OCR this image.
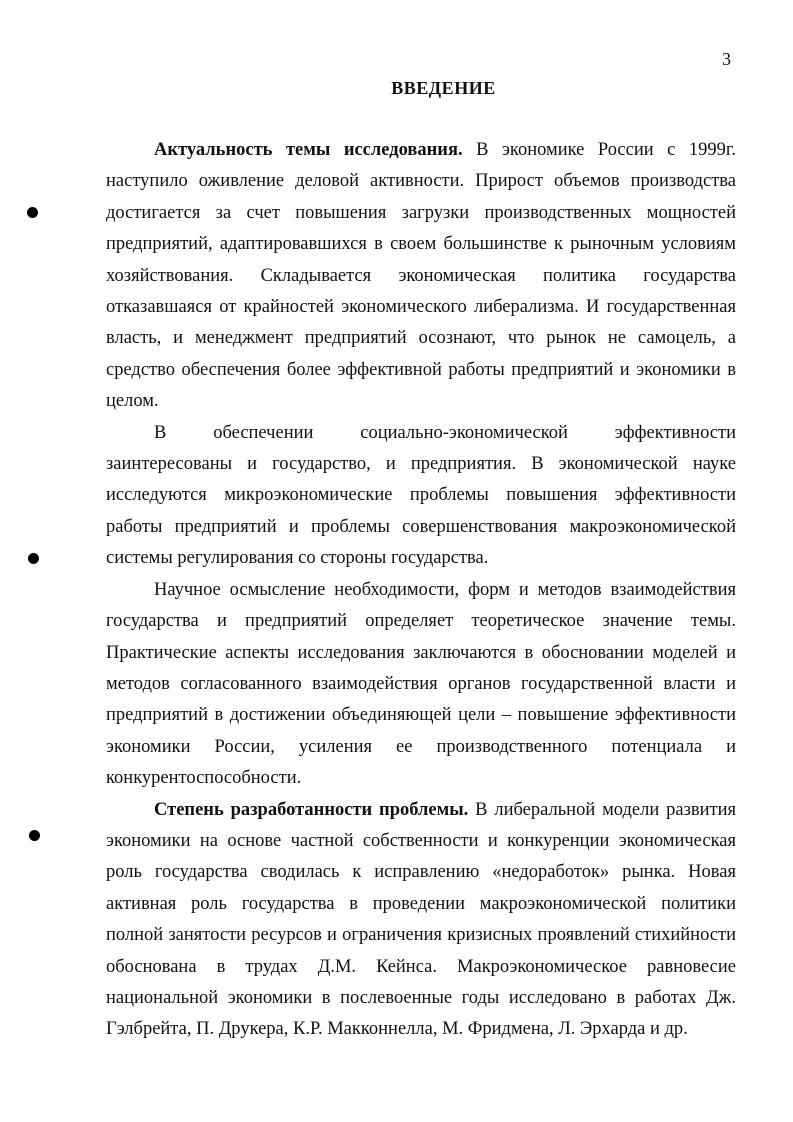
3
ВВЕДЕНИЕ

Актуальность темы исследования. В экономике России с 1999г. наступило оживление деловой активности. Прирост объемов производства достигается за счет повышения загрузки производственных мощностей предприятий, адаптировавшихся в своем большинстве к рыночным условиям хозяйствования. Складывается экономическая политика государства отказавшаяся от крайностей экономического либерализма. И государственная власть, и менеджмент предприятий осознают, что рынок не самоцель, а средство обеспечения более эффективной работы предприятий и экономики в целом.

В обеспечении социально-экономической эффективности заинтересованы и государство, и предприятия. В экономической науке исследуются микроэкономические проблемы повышения эффективности работы предприятий и проблемы совершенствования макроэкономической системы регулирования со стороны государства.

Научное осмысление необходимости, форм и методов взаимодействия государства и предприятий определяет теоретическое значение темы. Практические аспекты исследования заключаются в обосновании моделей и методов согласованного взаимодействия органов государственной власти и предприятий в достижении объединяющей цели – повышение эффективности экономики России, усиления ее производственного потенциала и конкурентоспособности.

Степень разработанности проблемы. В либеральной модели развития экономики на основе частной собственности и конкуренции экономическая роль государства сводилась к исправлению «недоработок» рынка. Новая активная роль государства в проведении макроэкономической политики полной занятости ресурсов и ограничения кризисных проявлений стихийности обоснована в трудах Д.М. Кейнса. Макроэкономическое равновесие национальной экономики в послевоенные годы исследовано в работах Дж. Гэлбрейта, П. Друкера, К.Р. Макконнелла, М. Фридмена, Л. Эрхарда и др.
